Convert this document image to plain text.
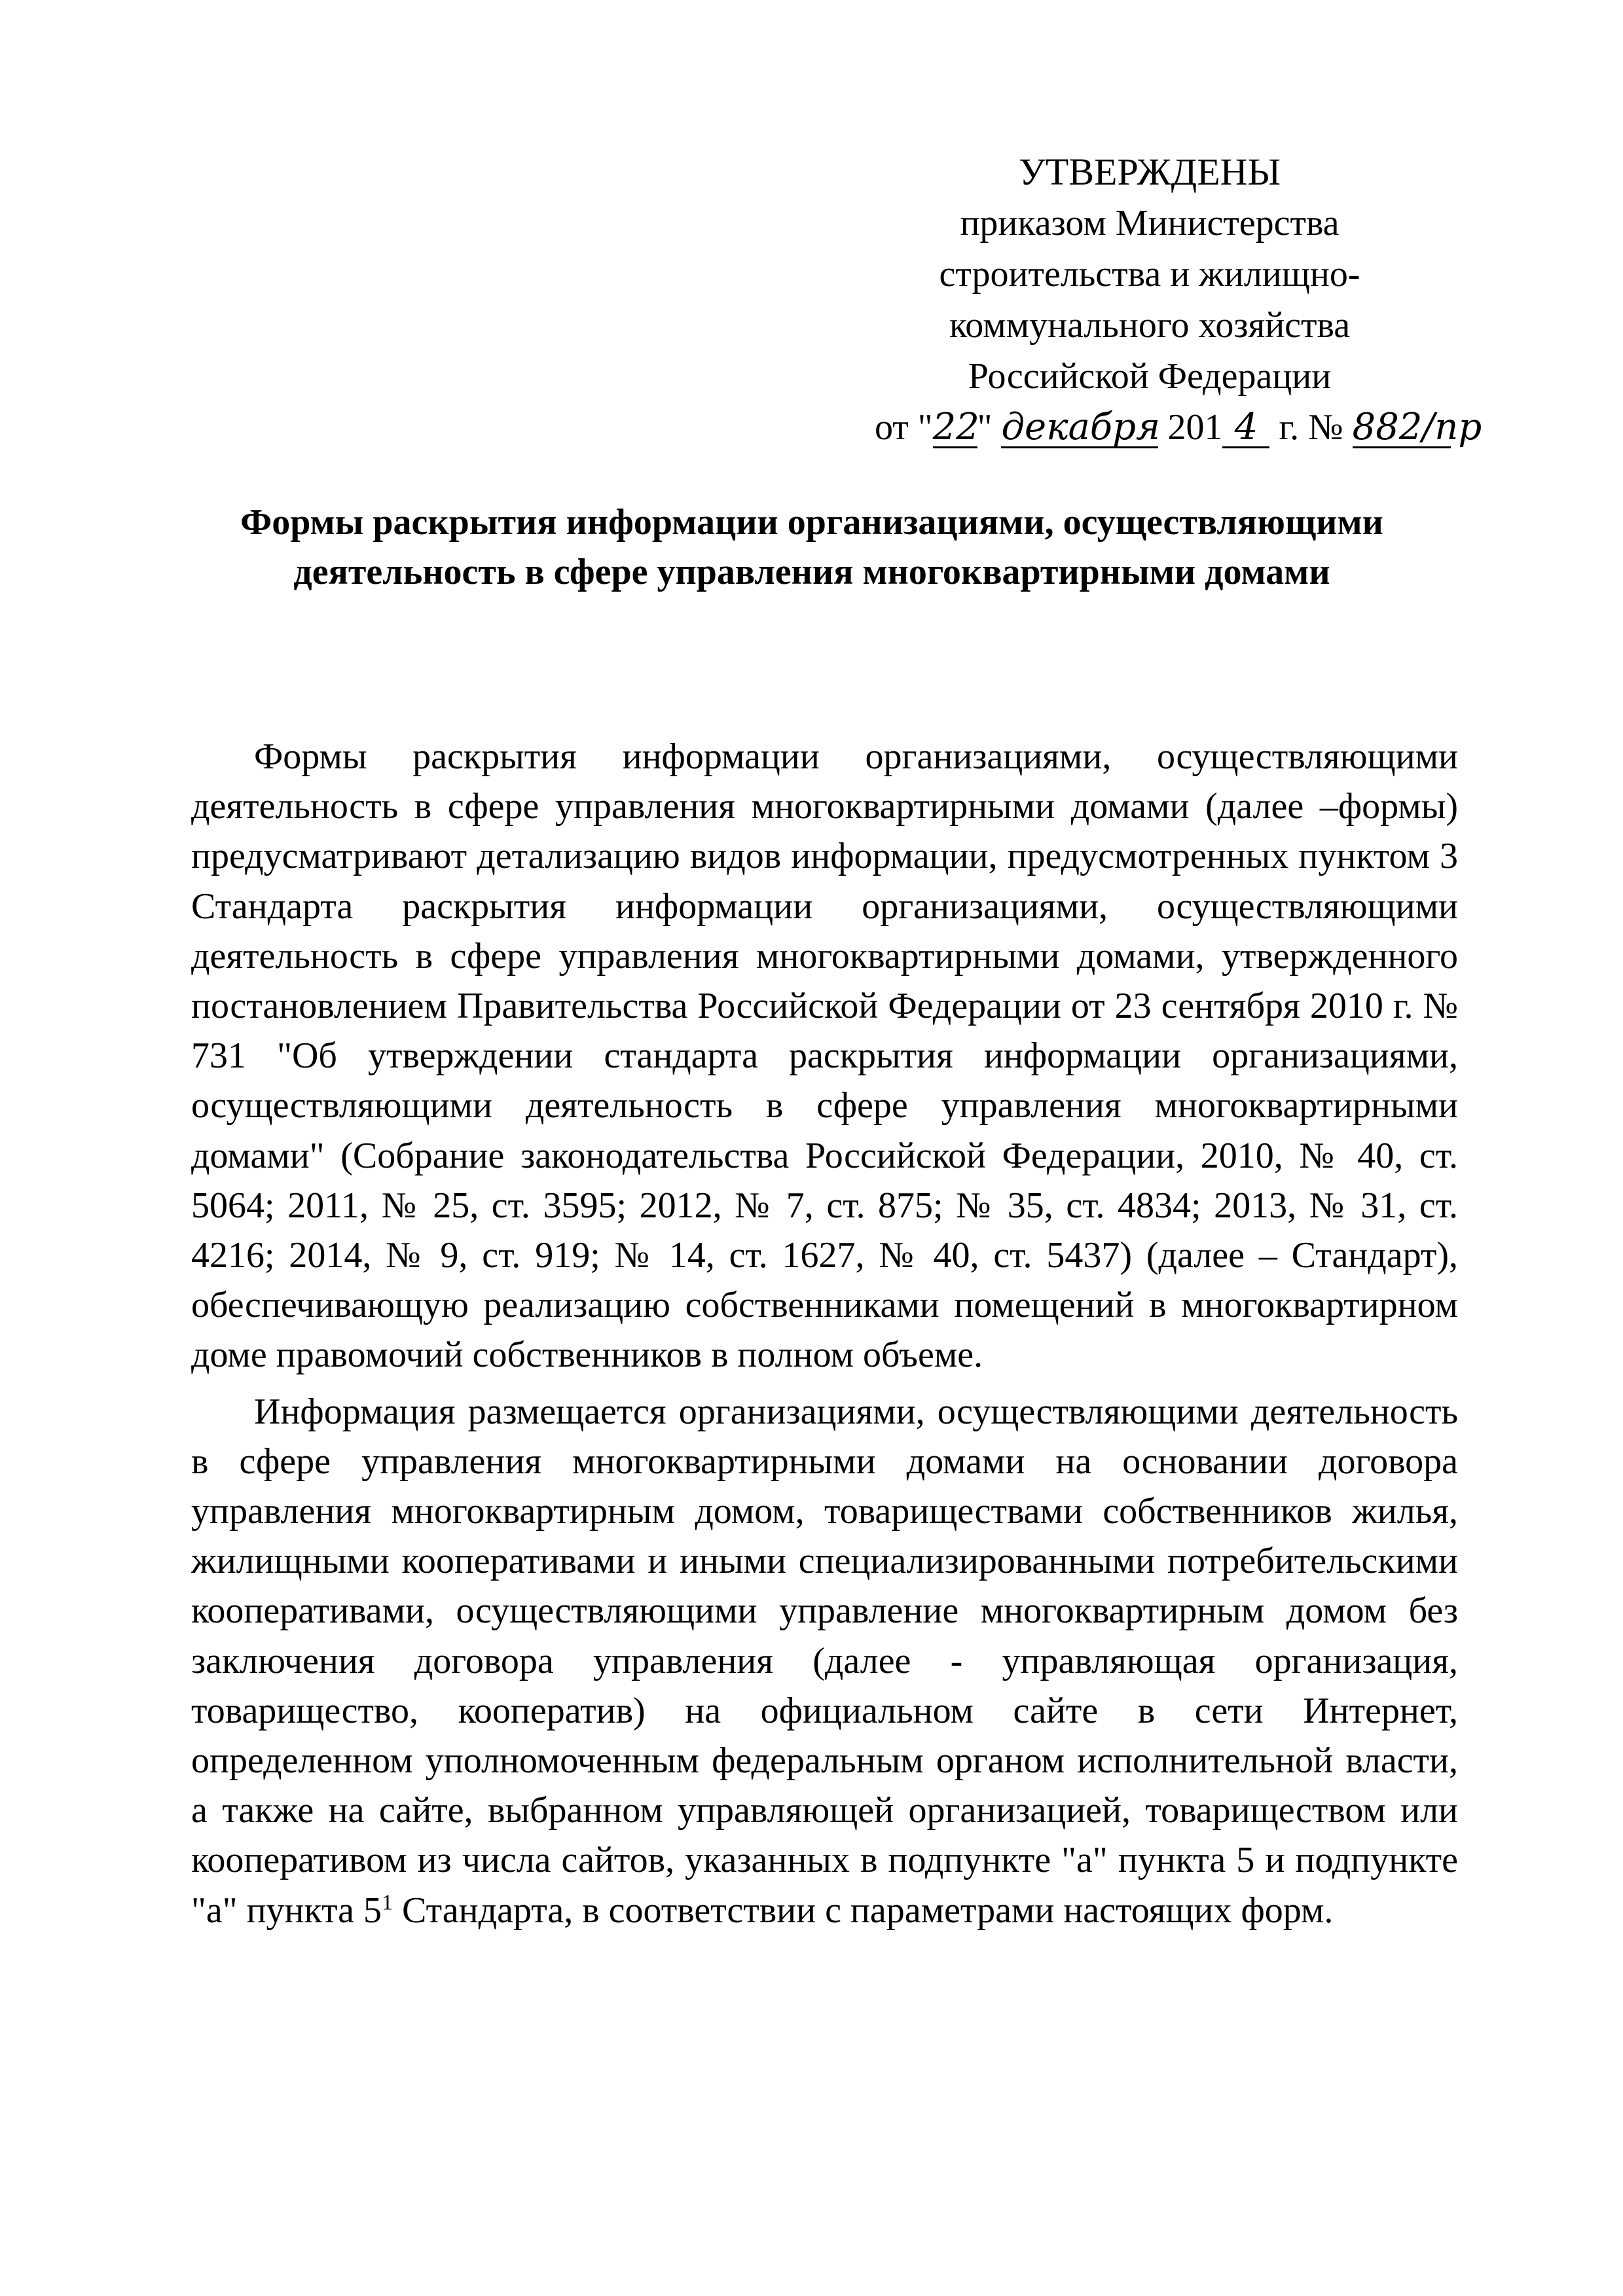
УТВЕРЖДЕНЫ
приказом Министерства
строительства и жилищно-
коммунального хозяйства
Российской Федерации
от "22" декабря 201 4 г. № 882/пр
Формы раскрытия информации организациями, осуществляющими
деятельность в сфере управления многоквартирными домами

Формы раскрытия информации организациями, осуществляющими деятельность в сфере управления многоквартирными домами (далее –формы) предусматривают детализацию видов информации, предусмотренных пунктом 3 Стандарта раскрытия информации организациями, осуществляющими деятельность в сфере управления многоквартирными домами, утвержденного постановлением Правительства Российской Федерации от 23 сентября 2010 г. № 731 "Об утверждении стандарта раскрытия информации организациями, осуществляющими деятельность в сфере управления многоквартирными домами" (Собрание законодательства Российской Федерации, 2010, № 40, ст. 5064; 2011, № 25, ст. 3595; 2012, № 7, ст. 875; № 35, ст. 4834; 2013, № 31, ст. 4216; 2014, № 9, ст. 919; № 14, ст. 1627, № 40, ст. 5437) (далее – Стандарт), обеспечивающую реализацию собственниками помещений в многоквартирном доме правомочий собственников в полном объеме.

Информация размещается организациями, осуществляющими деятельность в сфере управления многоквартирными домами на основании договора управления многоквартирным домом, товариществами собственников жилья, жилищными кооперативами и иными специализированными потребительскими кооперативами, осуществляющими управление многоквартирным домом без заключения договора управления (далее - управляющая организация, товарищество, кооператив) на официальном сайте в сети Интернет, определенном уполномоченным федеральным органом исполнительной власти, а также на сайте, выбранном управляющей организацией, товариществом или кооперативом из числа сайтов, указанных в подпункте "а" пункта 5 и подпункте "а" пункта $5^1$ Стандарта, в соответствии с параметрами настоящих форм.
